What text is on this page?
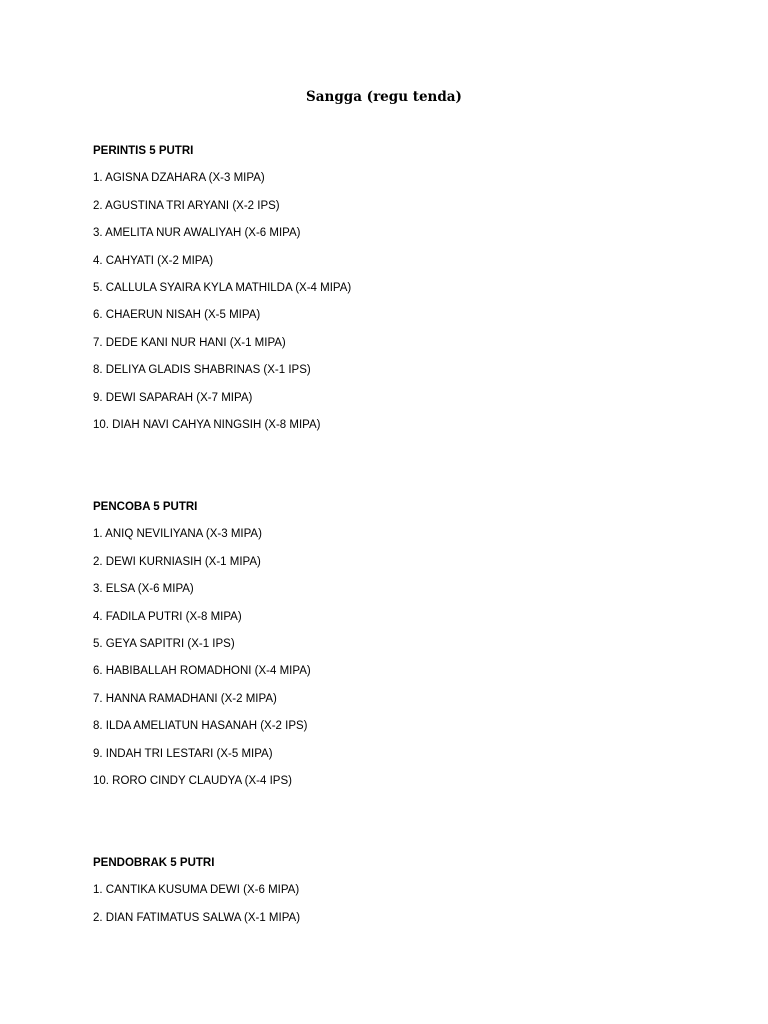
Sangga (regu tenda)
PERINTIS 5 PUTRI
1. AGISNA DZAHARA (X-3 MIPA)
2. AGUSTINA TRI ARYANI (X-2 IPS)
3. AMELITA NUR AWALIYAH (X-6 MIPA)
4. CAHYATI (X-2 MIPA)
5. CALLULA SYAIRA KYLA MATHILDA (X-4 MIPA)
6. CHAERUN NISAH (X-5 MIPA)
7. DEDE KANI NUR HANI (X-1 MIPA)
8. DELIYA GLADIS SHABRINAS (X-1 IPS)
9. DEWI SAPARAH (X-7 MIPA)
10. DIAH NAVI CAHYA NINGSIH (X-8 MIPA)
PENCOBA 5 PUTRI
1. ANIQ NEVILIYANA (X-3 MIPA)
2. DEWI KURNIASIH (X-1 MIPA)
3. ELSA (X-6 MIPA)
4. FADILA PUTRI (X-8 MIPA)
5. GEYA SAPITRI (X-1 IPS)
6. HABIBALLAH ROMADHONI (X-4 MIPA)
7. HANNA RAMADHANI (X-2 MIPA)
8. ILDA AMELIATUN HASANAH (X-2 IPS)
9. INDAH TRI LESTARI (X-5 MIPA)
10. RORO CINDY CLAUDYA (X-4 IPS)
PENDOBRAK 5 PUTRI
1. CANTIKA KUSUMA DEWI (X-6 MIPA)
2. DIAN FATIMATUS SALWA (X-1 MIPA)
